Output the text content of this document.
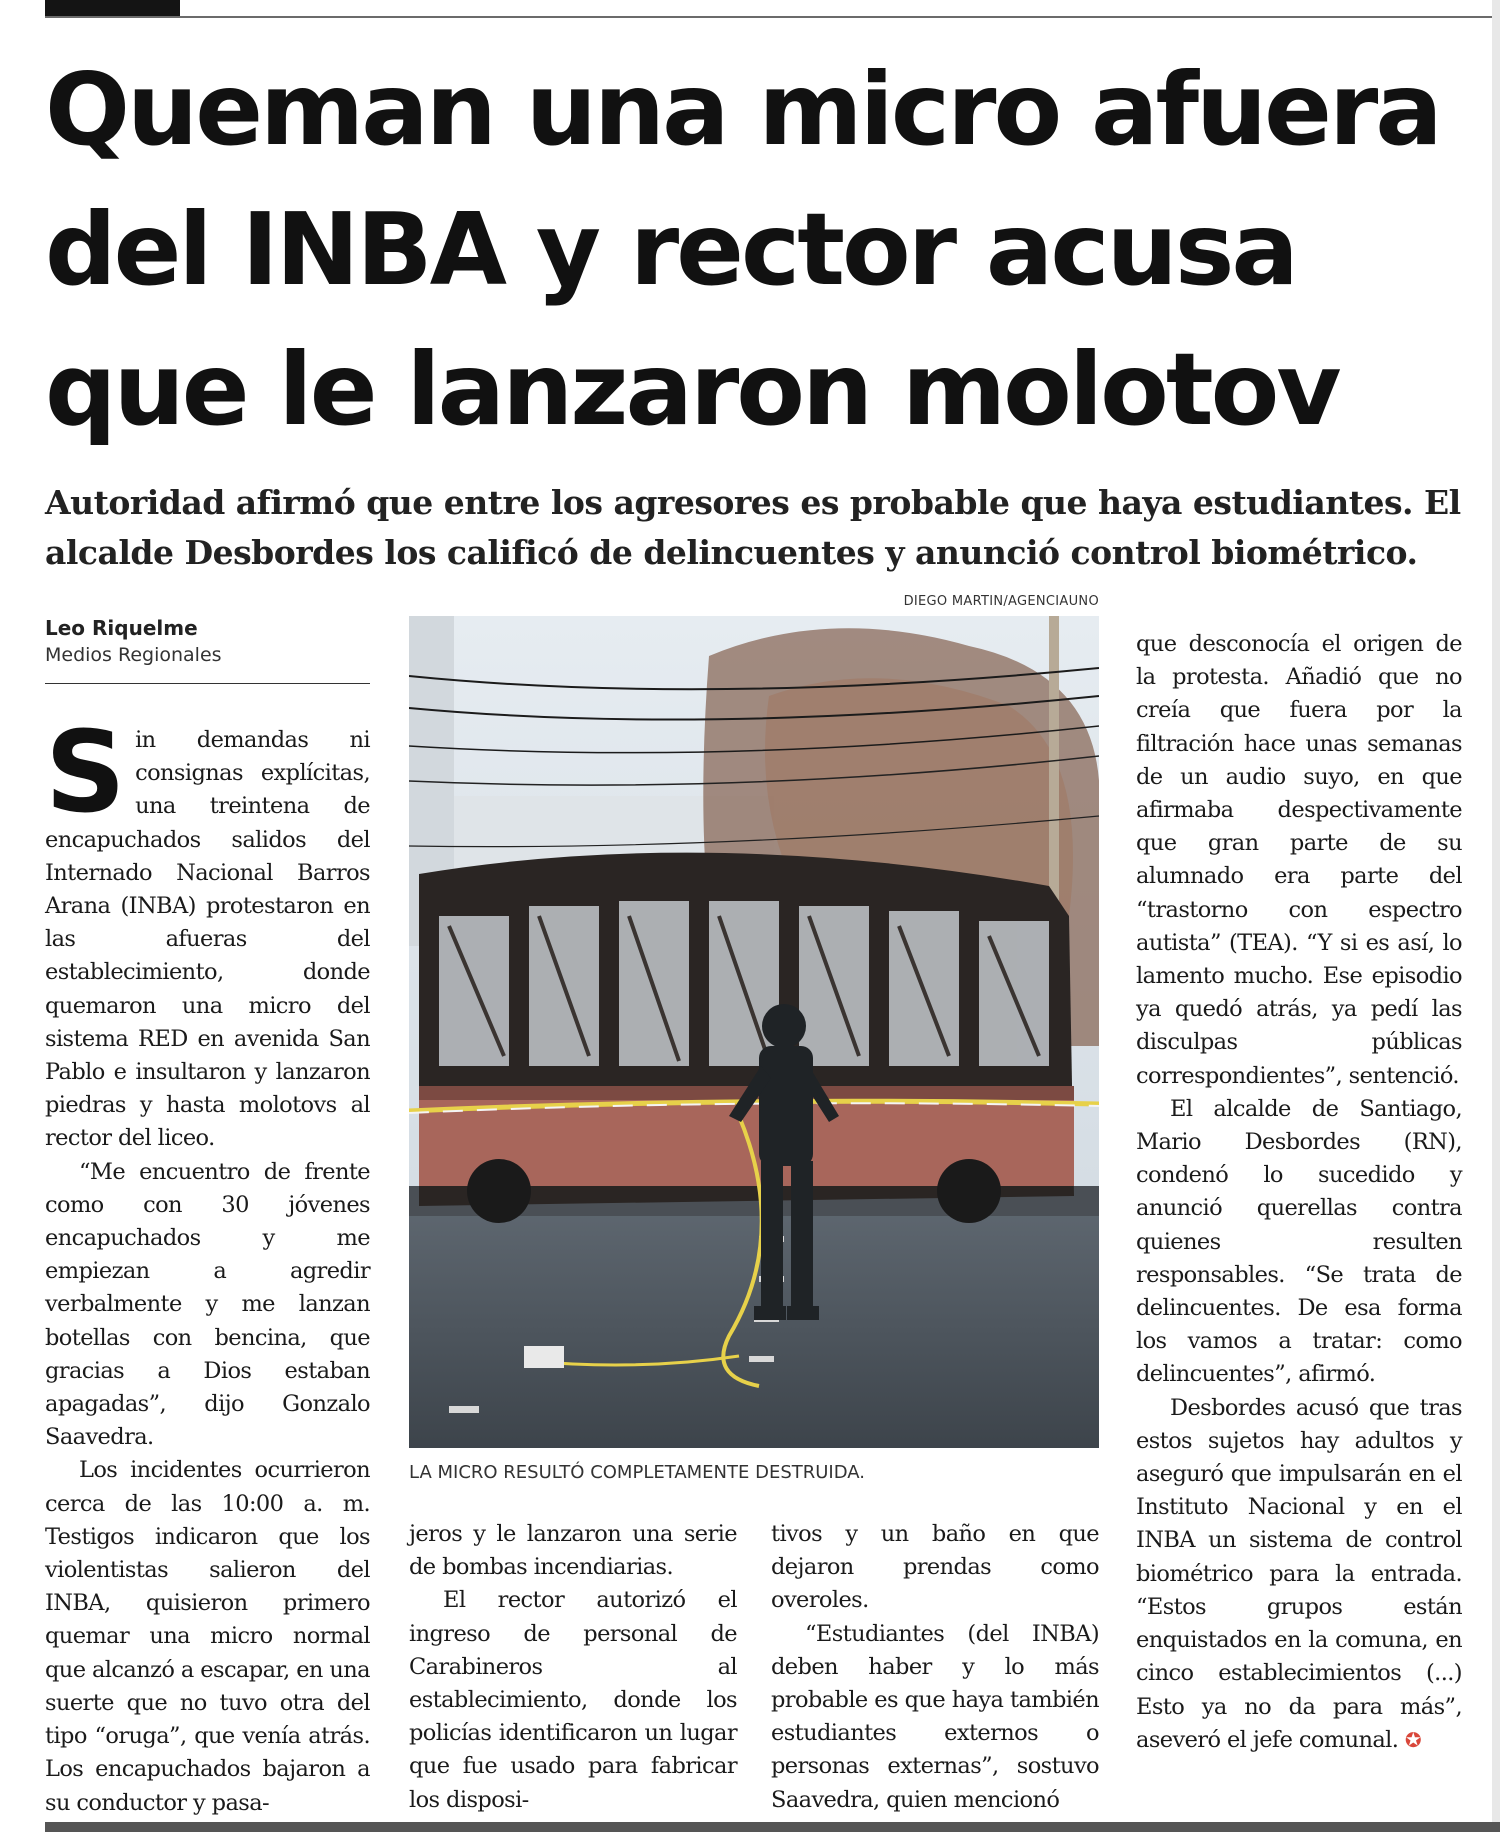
Queman una micro afuera del INBA y rector acusa que le lanzaron molotov
Autoridad afirmó que entre los agresores es probable que haya estudiantes. El alcalde Desbordes los calificó de delincuentes y anunció control biométrico.
Leo Riquelme
Medios Regionales

Sin demandas ni consignas explícitas, una treintena de encapuchados salidos del Internado Nacional Barros Arana (INBA) protestaron en las afueras del establecimiento, donde quemaron una micro del sistema RED en avenida San Pablo e insultaron y lanzaron piedras y hasta molotovs al rector del liceo.

“Me encuentro de frente como con 30 jóvenes encapuchados y me empiezan a agredir verbalmente y me lanzan botellas con bencina, que gracias a Dios estaban apagadas”, dijo Gonzalo Saavedra.

Los incidentes ocurrieron cerca de las 10:00 a. m. Testigos indicaron que los violentistas salieron del INBA, quisieron primero quemar una micro normal que alcanzó a escapar, en una suerte que no tuvo otra del tipo “oruga”, que venía atrás. Los encapuchados bajaron a su conductor y pasa-

DIEGO MARTIN/AGENCIAUNO
LA MICRO RESULTÓ COMPLETAMENTE DESTRUIDA.

jeros y le lanzaron una serie de bombas incendiarias.

El rector autorizó el ingreso de personal de Carabineros al establecimiento, donde los policías identificaron un lugar que fue usado para fabricar los disposi-

tivos y un baño en que dejaron prendas como overoles.

“Estudiantes (del INBA) deben haber y lo más probable es que haya también estudiantes externos o personas externas”, sostuvo Saavedra, quien mencionó

que desconocía el origen de la protesta. Añadió que no creía que fuera por la filtración hace unas semanas de un audio suyo, en que afirmaba despectivamente que gran parte de su alumnado era parte del “trastorno con espectro autista” (TEA). “Y si es así, lo lamento mucho. Ese episodio ya quedó atrás, ya pedí las disculpas públicas correspondientes”, sentenció.

El alcalde de Santiago, Mario Desbordes (RN), condenó lo sucedido y anunció querellas contra quienes resulten responsables. “Se trata de delincuentes. De esa forma los vamos a tratar: como delincuentes”, afirmó.

Desbordes acusó que tras estos sujetos hay adultos y aseguró que impulsarán en el Instituto Nacional y en el INBA un sistema de control biométrico para la entrada. “Estos grupos están enquistados en la comuna, en cinco establecimientos (...) Esto ya no da para más”, aseveró el jefe comunal. ✪
